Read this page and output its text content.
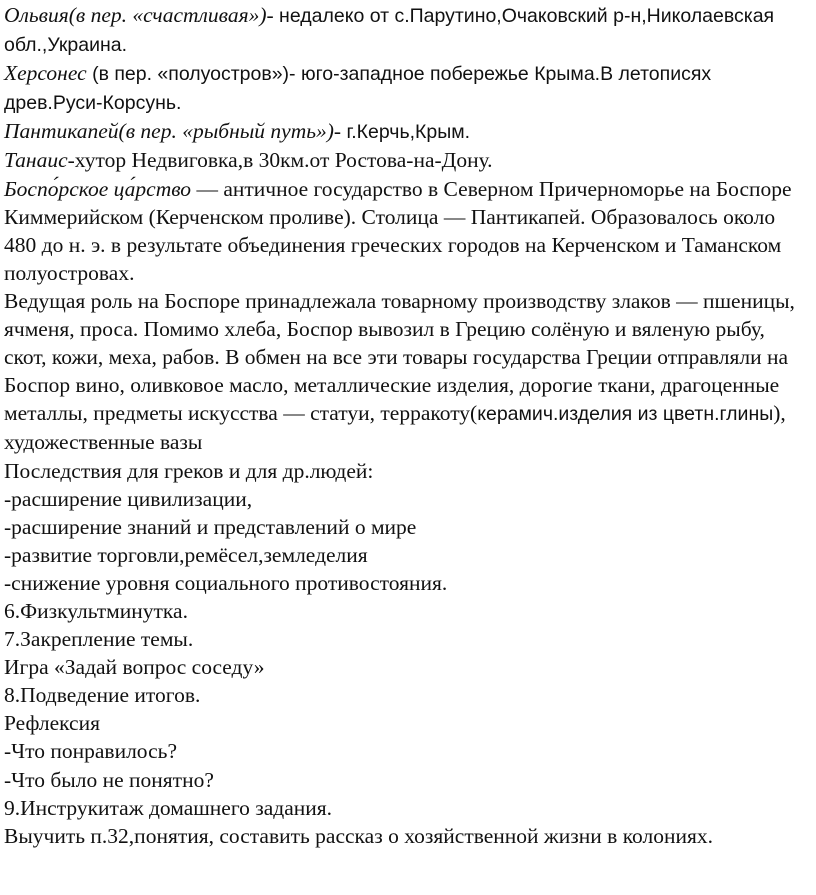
Ольвия(в пер. «счастливая»)- недалеко от с.Парутино,Очаковский р-н,Николаевская обл.,Украина.

Херсонес (в пер. «полуостров»)- юго-западное побережье Крыма.В летописях древ.Руси-Корсунь.

Пантикапей(в пер. «рыбный путь»)- г.Керчь,Крым.

Танаис-хутор Недвиговка,в 30км.от Ростова-на-Дону.

Боспо́рское ца́рство — античное государство в Северном Причерноморье на Боспоре Киммерийском (Керченском проливе). Столица — Пантикапей. Образовалось около 480 до н. э. в результате объединения греческих городов на Керченском и Таманском полуостровах.

Ведущая роль на Боспоре принадлежала товарному производству злаков — пшеницы, ячменя, проса. Помимо хлеба, Боспор вывозил в Грецию солёную и вяленую рыбу, скот, кожи, меха, рабов. В обмен на все эти товары государства Греции отправляли на Боспор вино, оливковое масло, металлические изделия, дорогие ткани, драгоценные металлы, предметы искусства — статуи, терракоту(керамич.изделия из цветн.глины), художественные вазы

Последствия для греков и для др.людей:

-расширение цивилизации,

-расширение знаний и представлений о мире

-развитие торговли,ремёсел,земледелия

-снижение уровня социального противостояния.

6.Физкультминутка.

7.Закрепление темы.

Игра «Задай вопрос соседу»

8.Подведение итогов.

Рефлексия

-Что понравилось?

-Что было не понятно?

9.Инструкитаж домашнего задания.

Выучить п.32,понятия, составить рассказ о хозяйственной жизни в колониях.
